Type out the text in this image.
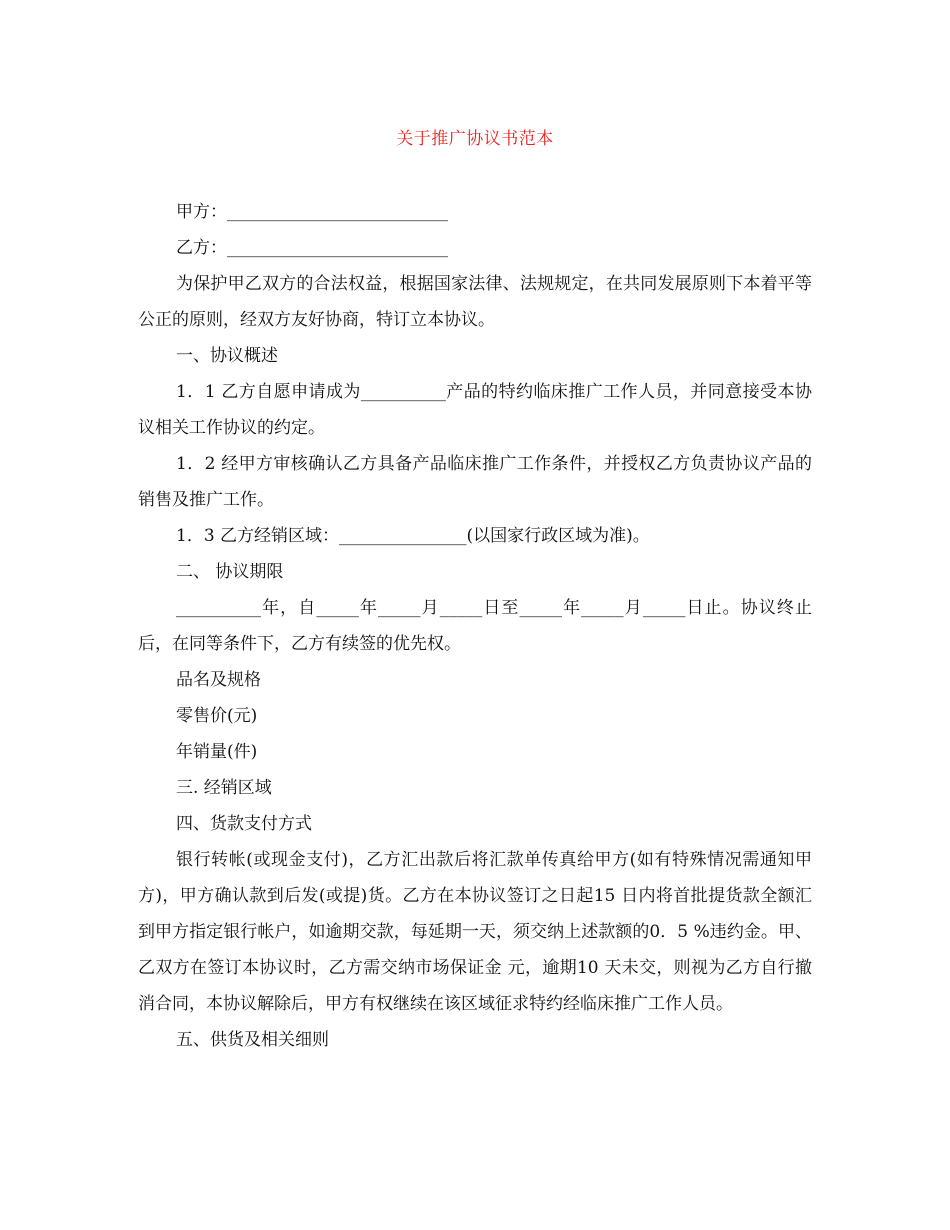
关于推广协议书范本

甲方：__________________________

乙方：__________________________

为保护甲乙双方的合法权益，根据国家法律、法规规定，在共同发展原则下本着平等公正的原则，经双方友好协商，特订立本协议。

一、协议概述

1．1 乙方自愿申请成为__________产品的特约临床推广工作人员，并同意接受本协议相关工作协议的约定。

1．2 经甲方审核确认乙方具备产品临床推广工作条件，并授权乙方负责协议产品的销售及推广工作。

1．3 乙方经销区域：_______________(以国家行政区域为准)。

二、 协议期限

__________年，自_____年_____月_____日至_____年_____月_____日止。协议终止后，在同等条件下，乙方有续签的优先权。

品名及规格

零售价(元)

年销量(件)

三. 经销区域

四、货款支付方式

银行转帐(或现金支付)，乙方汇出款后将汇款单传真给甲方(如有特殊情况需通知甲方)，甲方确认款到后发(或提)货。乙方在本协议签订之日起15 日内将首批提货款全额汇到甲方指定银行帐户，如逾期交款，每延期一天，须交纳上述款额的0．5 %违约金。甲、乙双方在签订本协议时，乙方需交纳市场保证金 元，逾期10 天未交，则视为乙方自行撤消合同，本协议解除后，甲方有权继续在该区域征求特约经临床推广工作人员。

五、供货及相关细则
